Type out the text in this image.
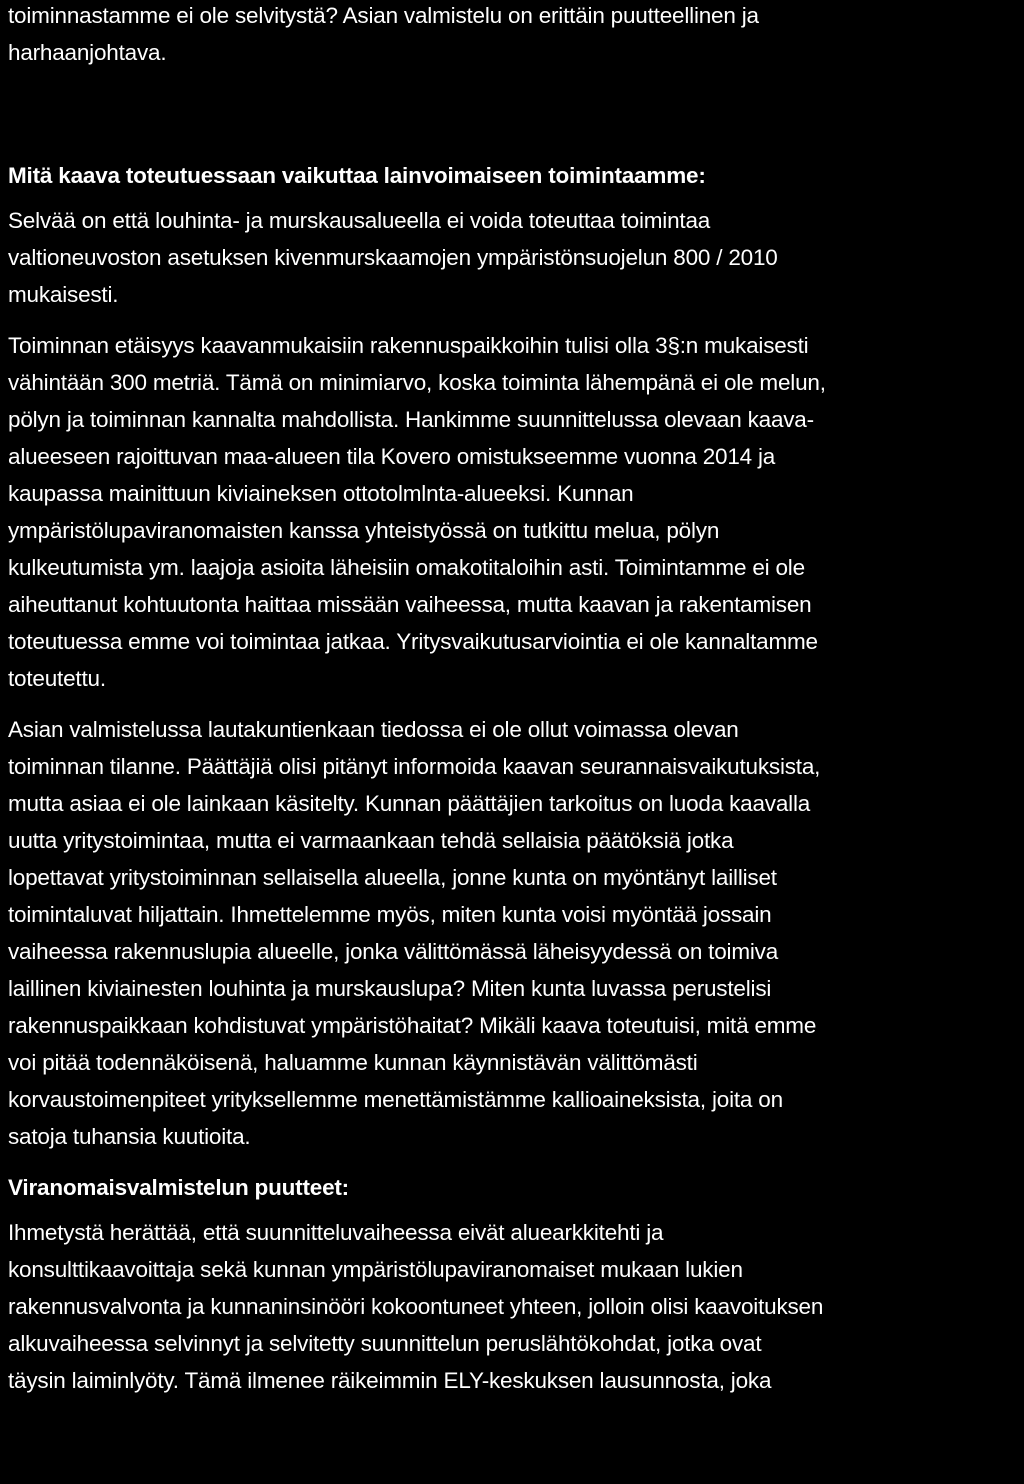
toiminnastamme ei ole selvitystä? Asian valmistelu on erittäin puutteellinen ja
harhaanjohtava.
Mitä kaava toteutuessaan vaikuttaa lainvoimaiseen toimintaamme:
Selvää on että louhinta- ja murskausalueella ei voida toteuttaa toimintaa
valtioneuvoston asetuksen kivenmurskaamojen ympäristönsuojelun 800 / 2010
mukaisesti.
Toiminnan etäisyys kaavanmukaisiin rakennuspaikkoihin tulisi olla 3§:n mukaisesti
vähintään 300 metriä. Tämä on minimiarvo, koska toiminta lähempänä ei ole melun,
pölyn ja toiminnan kannalta mahdollista. Hankimme suunnittelussa olevaan kaava-
alueeseen rajoittuvan maa-alueen tila Kovero omistukseemme vuonna 2014 ja
kaupassa mainittuun kiviaineksen ottotolmlnta-alueeksi. Kunnan
ympäristölupaviranomaisten kanssa yhteistyössä on tutkittu melua, pölyn
kulkeutumista ym. laajoja asioita läheisiin omakotitaloihin asti. Toimintamme ei ole
aiheuttanut kohtuutonta haittaa missään vaiheessa, mutta kaavan ja rakentamisen
toteutuessa emme voi toimintaa jatkaa. Yritysvaikutusarviointia ei ole kannaltamme
toteutettu.
Asian valmistelussa lautakuntienkaan tiedossa ei ole ollut voimassa olevan
toiminnan tilanne. Päättäjiä olisi pitänyt informoida kaavan seurannaisvaikutuksista,
mutta asiaa ei ole lainkaan käsitelty. Kunnan päättäjien tarkoitus on luoda kaavalla
uutta yritystoimintaa, mutta ei varmaankaan tehdä sellaisia päätöksiä jotka
lopettavat yritystoiminnan sellaisella alueella, jonne kunta on myöntänyt lailliset
toimintaluvat hiljattain. Ihmettelemme myös, miten kunta voisi myöntää jossain
vaiheessa rakennuslupia alueelle, jonka välittömässä läheisyydessä on toimiva
laillinen kiviainesten louhinta ja murskauslupa? Miten kunta luvassa perustelisi
rakennuspaikkaan kohdistuvat ympäristöhaitat? Mikäli kaava toteutuisi, mitä emme
voi pitää todennäköisenä, haluamme kunnan käynnistävän välittömästi
korvaustoimenpiteet yrityksellemme menettämistämme kallioaineksista, joita on
satoja tuhansia kuutioita.
Viranomaisvalmistelun puutteet:
Ihmetystä herättää, että suunnitteluvaiheessa eivät aluearkkitehti ja
konsulttikaavoittaja sekä kunnan ympäristölupaviranomaiset mukaan lukien
rakennusvalvonta ja kunnaninsinööri kokoontuneet yhteen, jolloin olisi kaavoituksen
alkuvaiheessa selvinnyt ja selvitetty suunnittelun peruslähtökohdat, jotka ovat
täysin laiminlyöty. Tämä ilmenee räikeimmin ELY-keskuksen lausunnosta, joka
